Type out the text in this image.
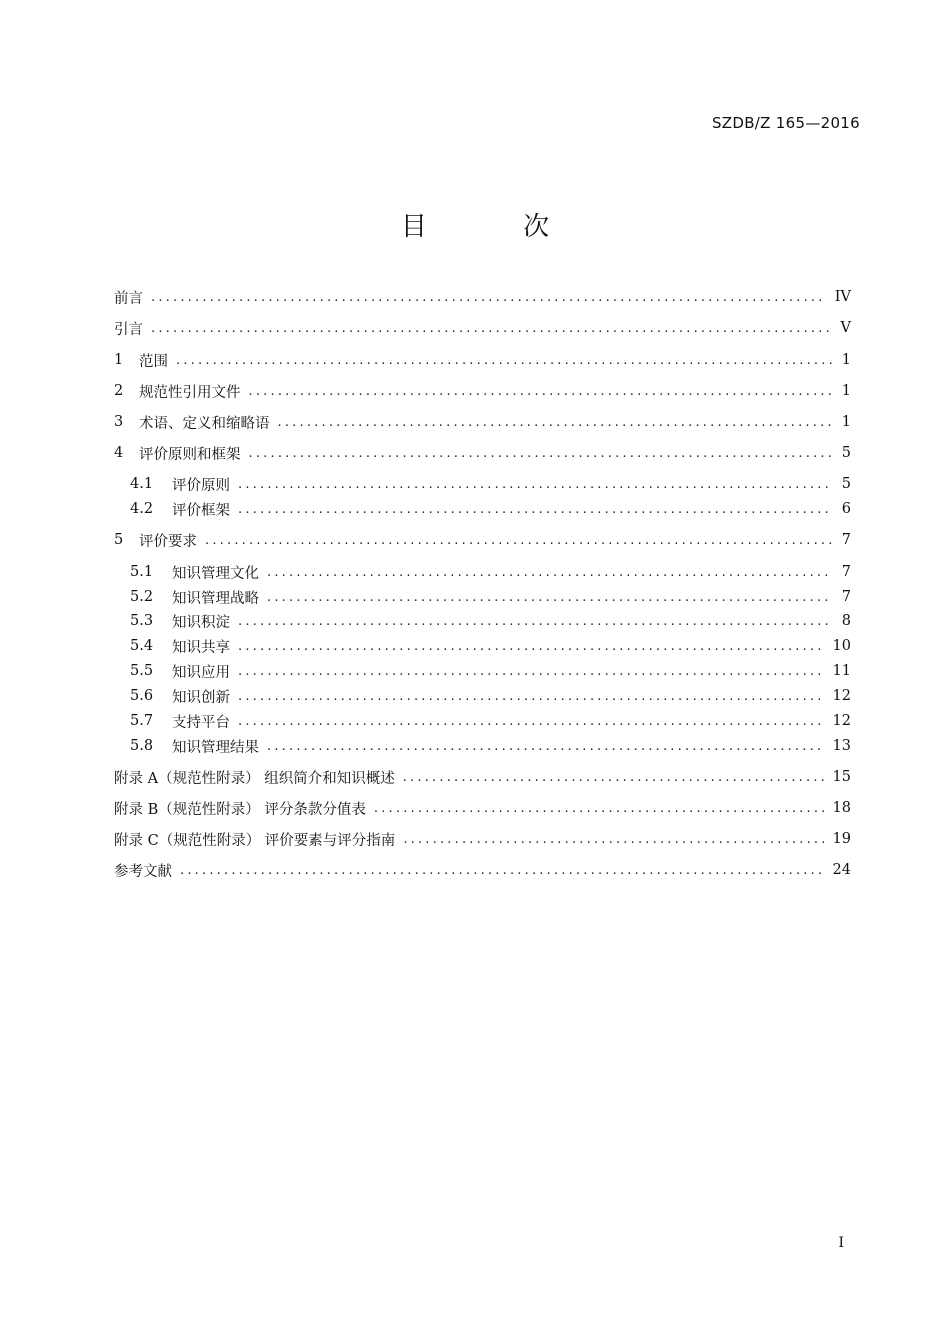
SZDB/Z 165—2016
目 次
前言 .....	IV
引言 .....	V
1	范围 .....	1
2	规范性引用文件 .....	1
3	术语、定义和缩略语 .....	1
4	评价原则和框架 .....	5
4.1	评价原则 .....	5
4.2	评价框架 .....	6
5	评价要求 .....	7
5.1	知识管理文化 .....	7
5.2	知识管理战略 .....	7
5.3	知识积淀 .....	8
5.4	知识共享 .....	10
5.5	知识应用 .....	11
5.6	知识创新 .....	12
5.7	支持平台 .....	12
5.8	知识管理结果 .....	13
附录 A（规范性附录） 组织简介和知识概述 .....	15
附录 B（规范性附录） 评分条款分值表 .....	18
附录 C（规范性附录） 评价要素与评分指南 .....	19
参考文献 .....	24
I
